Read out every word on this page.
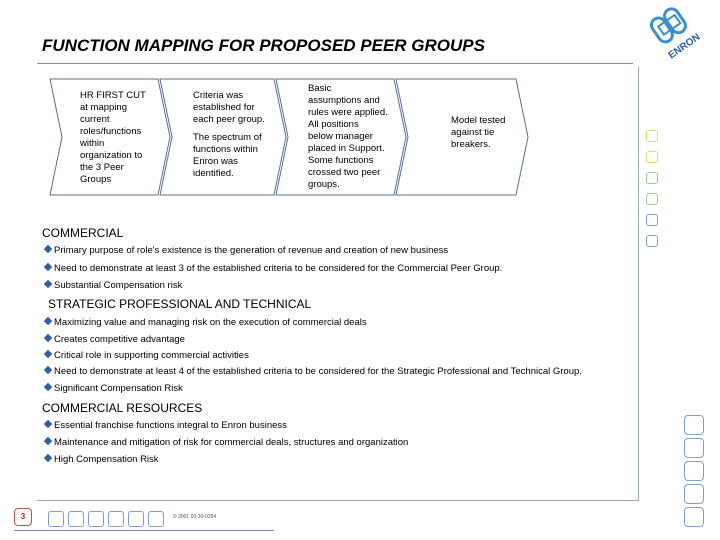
FUNCTION MAPPING FOR PROPOSED PEER GROUPS	ENRON
HR FIRST CUT
at mapping
current
roles/functions
within
organization to
the 3 Peer
Groups
Criteria was
established for
each peer group.
The spectrum of
functions within
Enron was
identified.
Basic
assumptions and
rules were applied.
All positions
below manager
placed in Support.
Some functions
crossed two peer
groups.
Model tested
against tie
breakers.
COMMERCIAL
Primary purpose of role's existence is the generation of revenue and creation of new business
Need to demonstrate at least 3 of the established criteria to be considered for the Commercial Peer Group.
Substantial Compensation risk
STRATEGIC PROFESSIONAL AND TECHNICAL
Maximizing value and managing risk on the execution of commercial deals
Creates competitive advantage
Critical role in supporting commercial activities
Need to demonstrate at least 4 of the established criteria to be considered for the Strategic Professional and Technical Group.
Significant Compensation Risk
COMMERCIAL RESOURCES
Essential franchise functions integral to Enron business
Maintenance and mitigation of risk for commercial deals, structures and organization
High Compensation Risk
3	© 2001 03-30-0354
